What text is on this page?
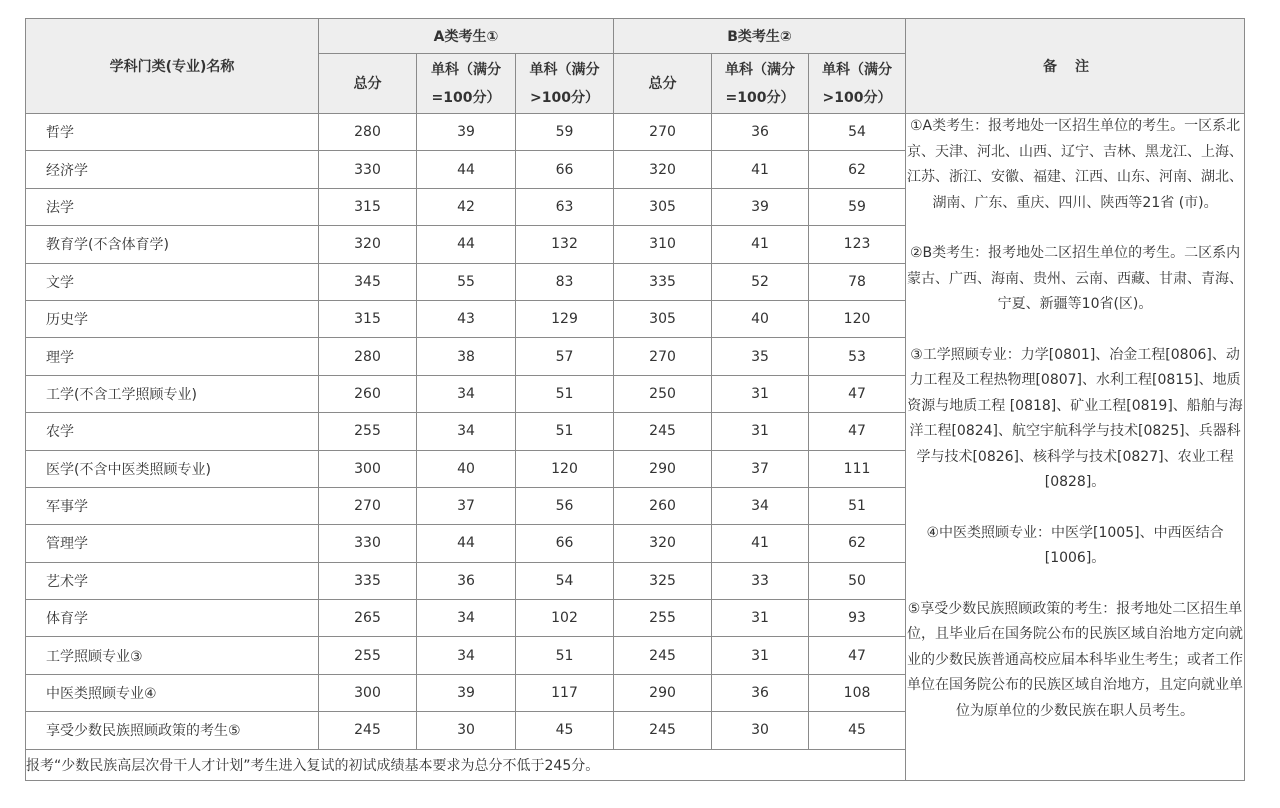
学科门类(专业)名称	A类考生①			B类考生②			备注
	总分	单科（满分=100分）	单科（满分>100分）	总分	单科（满分=100分）	单科（满分>100分）	
哲学	280	39	59	270	36	54	①A类考生：报考地处一区招生单位的考生。一区系北京、天津、河北、山西、辽宁、吉林、黑龙江、上海、江苏、浙江、安徽、福建、江西、山东、河南、湖北、湖南、广东、重庆、四川、陕西等21省 (市)。

②B类考生：报考地处二区招生单位的考生。二区系内蒙古、广西、海南、贵州、云南、西藏、甘肃、青海、宁夏、新疆等10省(区)。

③工学照顾专业：力学[0801]、冶金工程[0806]、动力工程及工程热物理[0807]、水利工程[0815]、地质资源与地质工程 [0818]、矿业工程[0819]、船舶与海洋工程[0824]、航空宇航科学与技术[0825]、兵器科学与技术[0826]、核科学与技术[0827]、农业工程[0828]。

④中医类照顾专业：中医学[1005]、中西医结合[1006]。

⑤享受少数民族照顾政策的考生：报考地处二区招生单位，且毕业后在国务院公布的民族区域自治地方定向就业的少数民族普通高校应届本科毕业生考生；或者工作单位在国务院公布的民族区域自治地方，且定向就业单位为原单位的少数民族在职人员考生。

经济学	330	44	66	320	41	62	
法学	315	42	63	305	39	59	
教育学(不含体育学)	320	44	132	310	41	123	
文学	345	55	83	335	52	78	
历史学	315	43	129	305	40	120	
理学	280	38	57	270	35	53	
工学(不含工学照顾专业)	260	34	51	250	31	47	
农学	255	34	51	245	31	47	
医学(不含中医类照顾专业)	300	40	120	290	37	111	
军事学	270	37	56	260	34	51	
管理学	330	44	66	320	41	62	
艺术学	335	36	54	325	33	50	
体育学	265	34	102	255	31	93	
工学照顾专业③	255	34	51	245	31	47	
中医类照顾专业④	300	39	117	290	36	108	
享受少数民族照顾政策的考生⑤	245	30	45	245	30	45	
报考“少数民族高层次骨干人才计划”考生进入复试的初试成绩基本要求为总分不低于245分。							
